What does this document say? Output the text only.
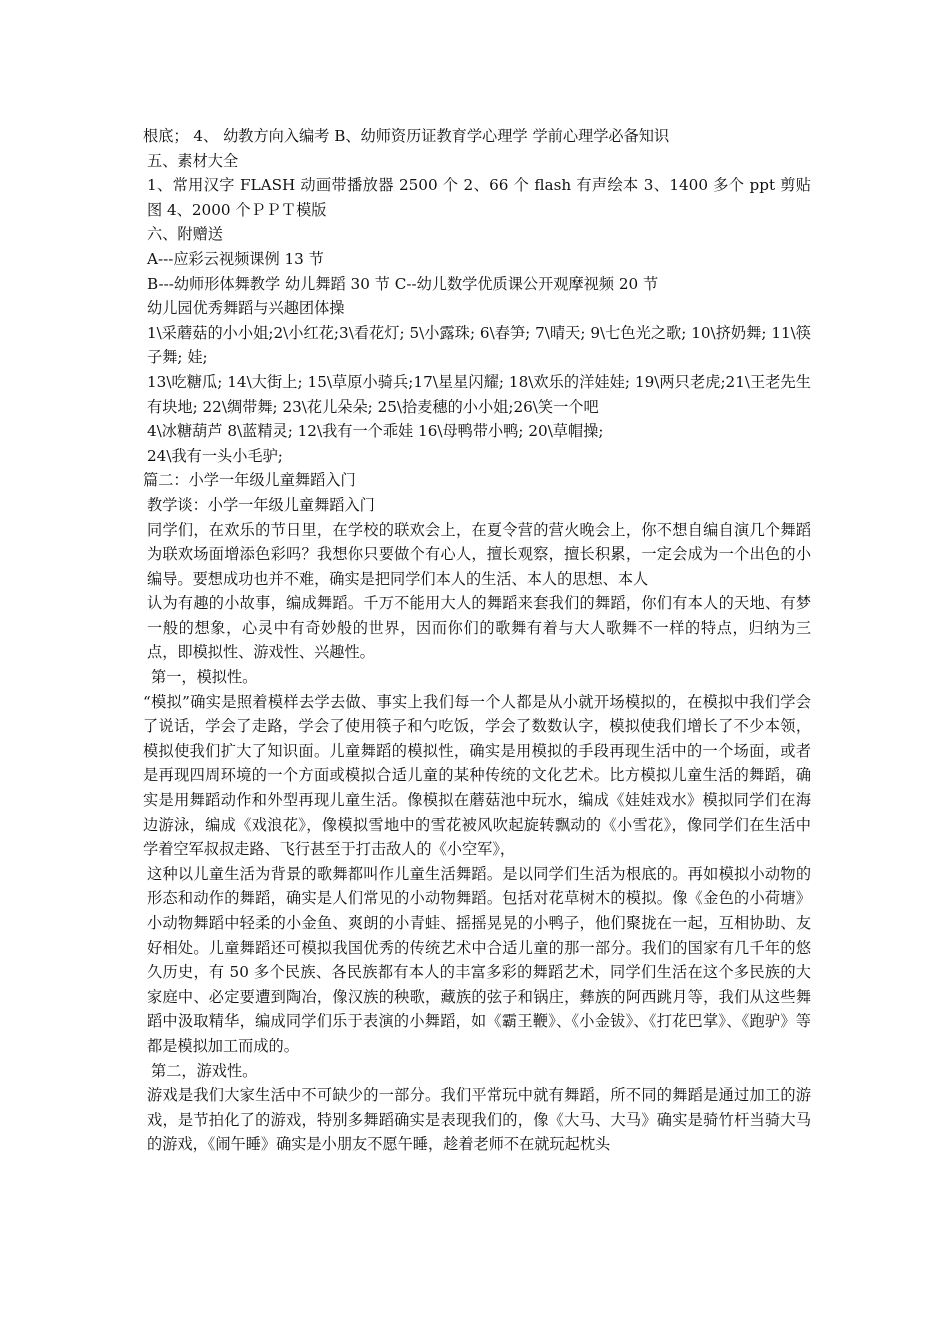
根底； 4、 幼教方向入编考 B、幼师资历证教育学心理学 学前心理学必备知识

五、素材大全

1、常用汉字 FLASH 动画带播放器 2500 个 2、66 个 flash 有声绘本 3、1400 多个 ppt 剪贴图 4、2000 个ＰＰＴ模版

六、附赠送

A---应彩云视频课例 13 节

B---幼师形体舞教学 幼儿舞蹈 30 节 C--幼儿数学优质课公开观摩视频 20 节

幼儿园优秀舞蹈与兴趣团体操

1\采蘑菇的小小姐;2\小红花;3\看花灯; 5\小露珠; 6\春笋; 7\晴天; 9\七色光之歌; 10\挤奶舞; 11\筷子舞; 娃;

13\吃糖瓜; 14\大街上; 15\草原小骑兵;17\星星闪耀; 18\欢乐的洋娃娃; 19\两只老虎;21\王老先生有块地; 22\绸带舞; 23\花儿朵朵; 25\拾麦穗的小小姐;26\笑一个吧

4\冰糖葫芦 8\蓝精灵; 12\我有一个乖娃 16\母鸭带小鸭; 20\草帽操;

24\我有一头小毛驴;

篇二：小学一年级儿童舞蹈入门

教学谈：小学一年级儿童舞蹈入门

同学们，在欢乐的节日里，在学校的联欢会上，在夏令营的营火晚会上，你不想自编自演几个舞蹈为联欢场面增添色彩吗？我想你只要做个有心人，擅长观察，擅长积累，一定会成为一个出色的小编导。要想成功也并不难，确实是把同学们本人的生活、本人的思想、本人

认为有趣的小故事，编成舞蹈。千万不能用大人的舞蹈来套我们的舞蹈，你们有本人的天地、有梦一般的想象，心灵中有奇妙般的世界，因而你们的歌舞有着与大人歌舞不一样的特点，归纳为三点，即模拟性、游戏性、兴趣性。

第一，模拟性。

“模拟”确实是照着模样去学去做、事实上我们每一个人都是从小就开场模拟的，在模拟中我们学会了说话，学会了走路，学会了使用筷子和勺吃饭，学会了数数认字，模拟使我们增长了不少本领，模拟使我们扩大了知识面。儿童舞蹈的模拟性，确实是用模拟的手段再现生活中的一个场面，或者是再现四周环境的一个方面或模拟合适儿童的某种传统的文化艺术。比方模拟儿童生活的舞蹈，确实是用舞蹈动作和外型再现儿童生活。像模拟在蘑菇池中玩水，编成《娃娃戏水》模拟同学们在海边游泳，编成《戏浪花》，像模拟雪地中的雪花被风吹起旋转飘动的《小雪花》，像同学们在生活中学着空军叔叔走路、飞行甚至于打击敌人的《小空军》，

这种以儿童生活为背景的歌舞都叫作儿童生活舞蹈。是以同学们生活为根底的。再如模拟小动物的形态和动作的舞蹈，确实是人们常见的小动物舞蹈。包括对花草树木的模拟。像《金色的小荷塘》小动物舞蹈中轻柔的小金鱼、爽朗的小青蛙、摇摇晃晃的小鸭子，他们聚拢在一起，互相协助、友好相处。儿童舞蹈还可模拟我国优秀的传统艺术中合适儿童的那一部分。我们的国家有几千年的悠久历史，有 50 多个民族、各民族都有本人的丰富多彩的舞蹈艺术，同学们生活在这个多民族的大家庭中、必定要遭到陶冶，像汉族的秧歌，藏族的弦子和锅庄，彝族的阿西跳月等，我们从这些舞蹈中汲取精华，编成同学们乐于表演的小舞蹈，如《霸王鞭》、《小金钹》、《打花巴掌》、《跑驴》等都是模拟加工而成的。

第二，游戏性。

游戏是我们大家生活中不可缺少的一部分。我们平常玩中就有舞蹈，所不同的舞蹈是通过加工的游戏，是节拍化了的游戏，特别多舞蹈确实是表现我们的，像《大马、大马》确实是骑竹杆当骑大马的游戏，《闹午睡》确实是小朋友不愿午睡，趁着老师不在就玩起枕头
